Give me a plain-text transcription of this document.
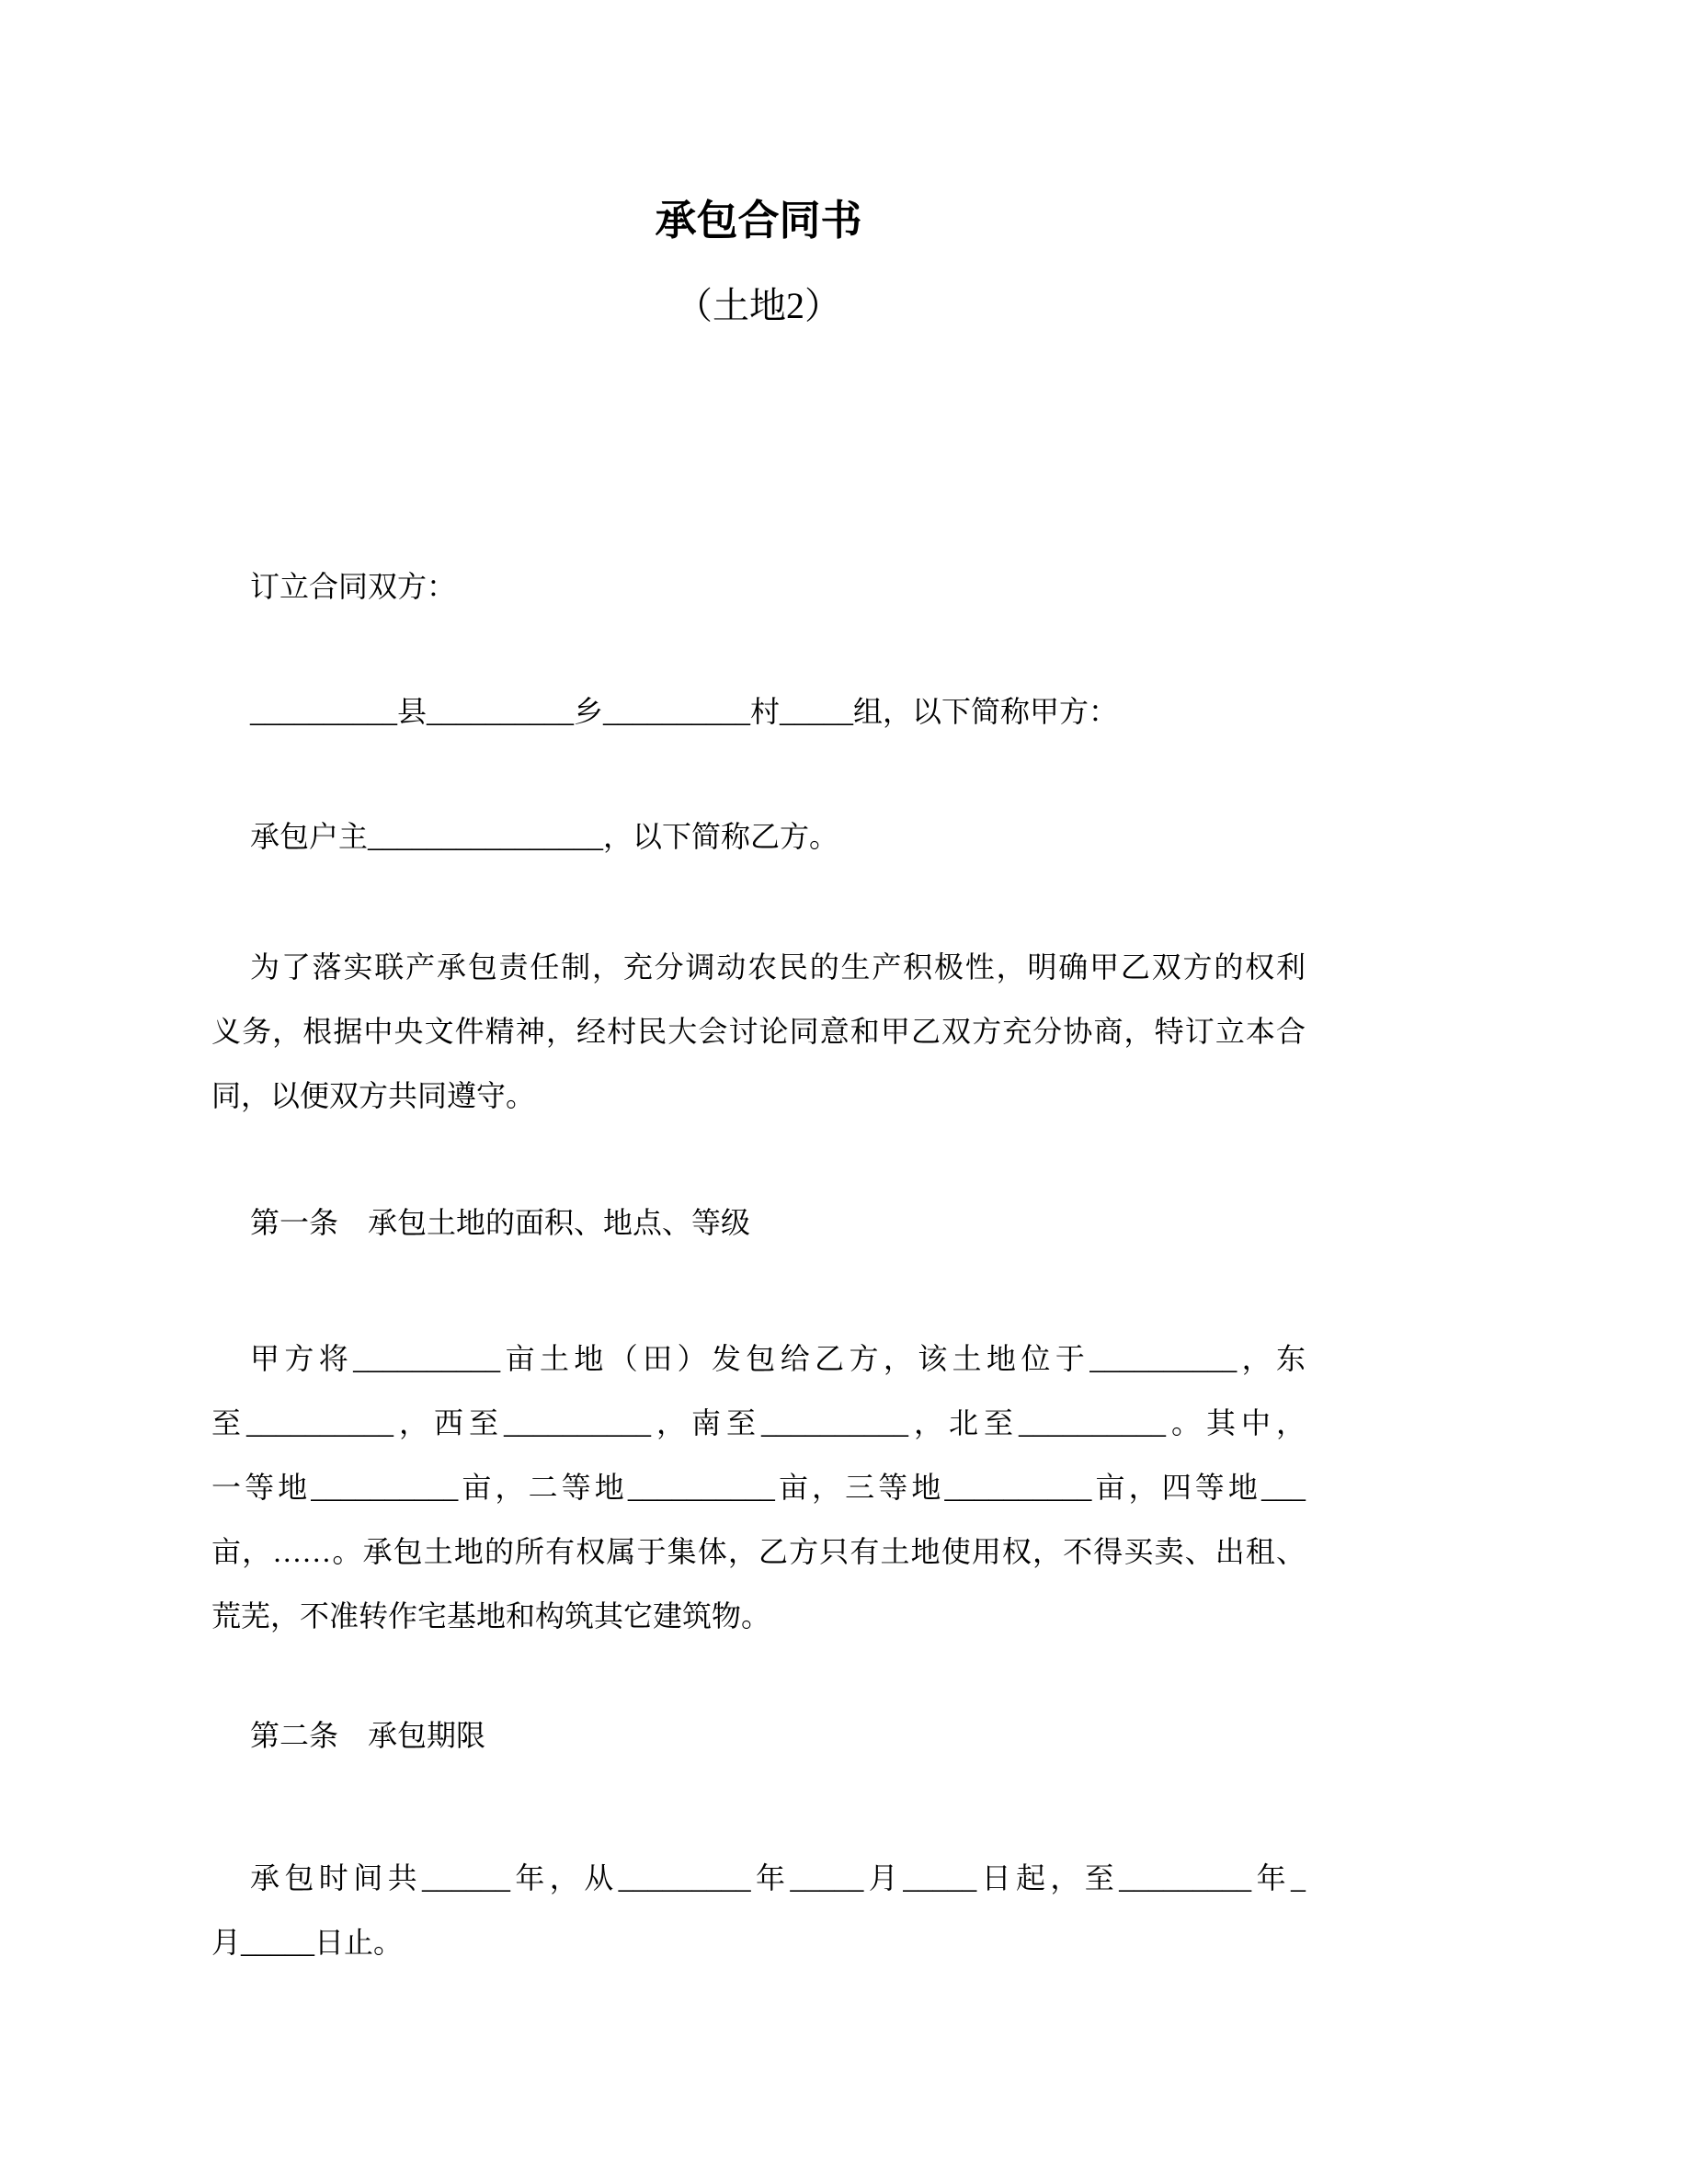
承包合同书
（土地2）
订立合同双方：
__________县__________乡__________村_____组，以下简称甲方：
承包户主________________，以下简称乙方。
为了落实联产承包责任制，充分调动农民的生产积极性，明确甲乙双方的权利
义务，根据中央文件精神，经村民大会讨论同意和甲乙双方充分协商，特订立本合
同，以便双方共同遵守。
第一条　承包土地的面积、地点、等级
甲方将__________亩土地（田）发包给乙方，该土地位于__________，东
至__________，西至__________，南至__________，北至__________。其中，
一等地__________亩，二等地__________亩，三等地__________亩，四等地___
亩，……。承包土地的所有权属于集体，乙方只有土地使用权，不得买卖、出租、
荒芜，不准转作宅基地和构筑其它建筑物。
第二条　承包期限
承包时间共______年，从_________年_____月_____日起，至_________年_
月_____日止。
